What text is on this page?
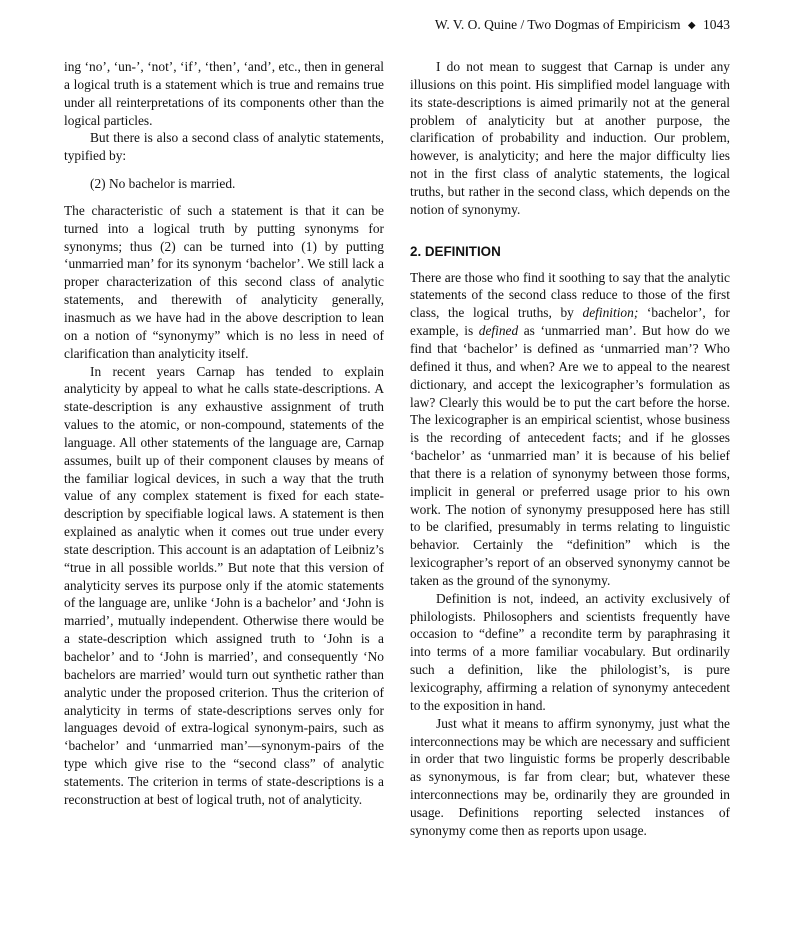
W. V. O. Quine / Two Dogmas of Empiricism ◆ 1043

ing ‘no’, ‘un-’, ‘not’, ‘if’, ‘then’, ‘and’, etc., then in general a logical truth is a statement which is true and remains true under all reinterpretations of its components other than the logical particles.

But there is also a second class of analytic statements, typified by:

(2) No bachelor is married.

The characteristic of such a statement is that it can be turned into a logical truth by putting synonyms for synonyms; thus (2) can be turned into (1) by putting ‘unmarried man’ for its synonym ‘bachelor’. We still lack a proper characterization of this second class of analytic statements, and therewith of analyticity generally, inasmuch as we have had in the above description to lean on a notion of “synonymy” which is no less in need of clarification than analyticity itself.

In recent years Carnap has tended to explain analyticity by appeal to what he calls state-descriptions. A state-description is any exhaustive assignment of truth values to the atomic, or non-compound, statements of the language. All other statements of the language are, Carnap assumes, built up of their component clauses by means of the familiar logical devices, in such a way that the truth value of any complex statement is fixed for each state-description by specifiable logical laws. A statement is then explained as analytic when it comes out true under every state description. This account is an adaptation of Leibniz’s “true in all possible worlds.” But note that this version of analyticity serves its purpose only if the atomic statements of the language are, unlike ‘John is a bachelor’ and ‘John is married’, mutually independent. Otherwise there would be a state-description which assigned truth to ‘John is a bachelor’ and to ‘John is married’, and consequently ‘No bachelors are married’ would turn out synthetic rather than analytic under the proposed criterion. Thus the criterion of analyticity in terms of state-descriptions serves only for languages devoid of extra-logical synonym-pairs, such as ‘bachelor’ and ‘unmarried man’—synonym-pairs of the type which give rise to the “second class” of analytic statements. The criterion in terms of state-descriptions is a reconstruction at best of logical truth, not of analyticity.

I do not mean to suggest that Carnap is under any illusions on this point. His simplified model language with its state-descriptions is aimed primarily not at the general problem of analyticity but at another purpose, the clarification of probability and induction. Our problem, however, is analyticity; and here the major difficulty lies not in the first class of analytic statements, the logical truths, but rather in the second class, which depends on the notion of synonymy.

2. DEFINITION

There are those who find it soothing to say that the analytic statements of the second class reduce to those of the first class, the logical truths, by definition; ‘bachelor’, for example, is defined as ‘unmarried man’. But how do we find that ‘bachelor’ is defined as ‘unmarried man’? Who defined it thus, and when? Are we to appeal to the nearest dictionary, and accept the lexicographer’s formulation as law? Clearly this would be to put the cart before the horse. The lexicographer is an empirical scientist, whose business is the recording of antecedent facts; and if he glosses ‘bachelor’ as ‘unmarried man’ it is because of his belief that there is a relation of synonymy between those forms, implicit in general or preferred usage prior to his own work. The notion of synonymy presupposed here has still to be clarified, presumably in terms relating to linguistic behavior. Certainly the “definition” which is the lexicographer’s report of an observed synonymy cannot be taken as the ground of the synonymy.

Definition is not, indeed, an activity exclusively of philologists. Philosophers and scientists frequently have occasion to “define” a recondite term by paraphrasing it into terms of a more familiar vocabulary. But ordinarily such a definition, like the philologist’s, is pure lexicography, affirming a relation of synonymy antecedent to the exposition in hand.

Just what it means to affirm synonymy, just what the interconnections may be which are necessary and sufficient in order that two linguistic forms be properly describable as synonymous, is far from clear; but, whatever these interconnections may be, ordinarily they are grounded in usage. Definitions reporting selected instances of synonymy come then as reports upon usage.
